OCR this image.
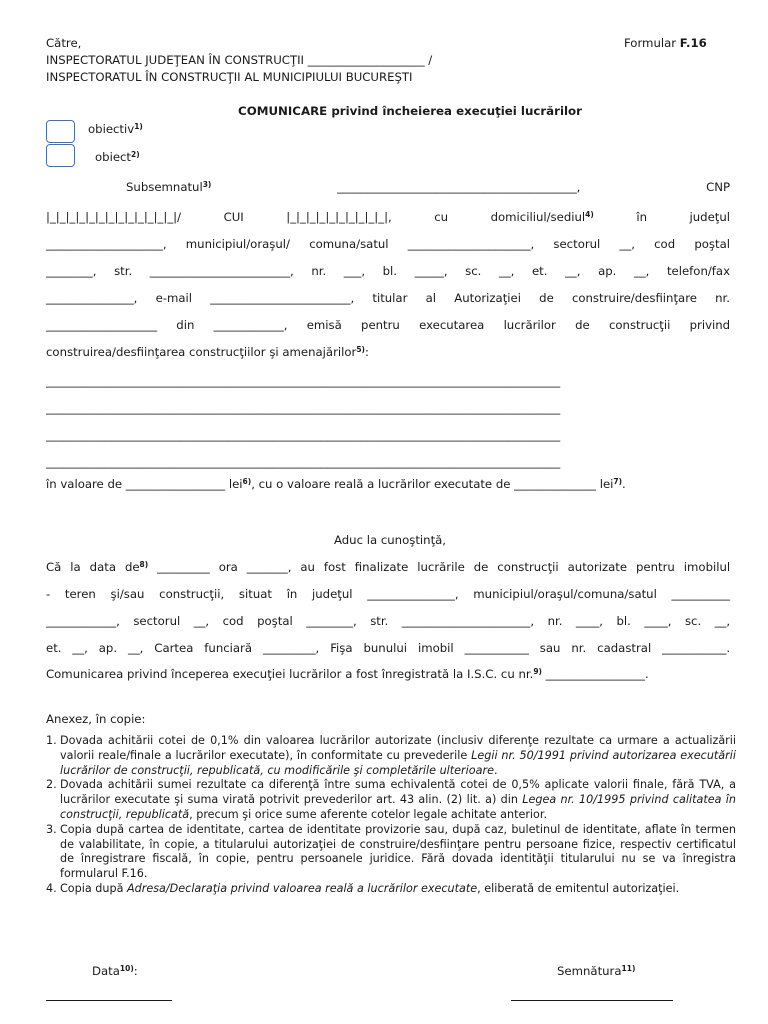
Către,	Formular F.16
INSPECTORATUL JUDEŢEAN ÎN CONSTRUCŢII ____________________ /
INSPECTORATUL ÎN CONSTRUCŢII AL MUNICIPIULUI BUCUREŞTI
COMUNICARE privind încheierea execuţiei lucrărilor
obiectiv$^{1)}$
obiect$^{2)}$
Subsemnatul$^{3)}$	_________________________________________,	CNP
|_|_|_|_|_|_|_|_|_|_|_|_|_|/	CUI	|_|_|_|_|_|_|_|_|_|_|,	cu	domiciliul/sediul$^{4)}$	în	judeţul
____________________, municipiul/oraşul/ comuna/satul _____________________, sectorul __, cod poştal
________, str. ________________________, nr. ___, bl. _____, sc. __, et. __, ap. __, telefon/fax
_______________, e-mail ________________________, titular al Autorizaţiei de construire/desfiinţare nr.
___________________ din ____________, emisă pentru executarea lucrărilor de construcţii privind
construirea/desfiinţarea construcţiilor şi amenajărilor$^{5)}$:
________________________________________________________________________________________
________________________________________________________________________________________
________________________________________________________________________________________
________________________________________________________________________________________
în valoare de _________________ lei$^{6)}$, cu o valoare reală a lucrărilor executate de ______________ lei$^{7)}$.
Aduc la cunoştinţă,
Că la data $de^{8)}$ _________ ora _______, au fost finalizate lucrările de construcţii autorizate pentru imobilul
- teren şi/sau construcţii, situat în judeţul _______________, municipiul/oraşul/comuna/satul __________
____________, sectorul __, cod poştal ________, str. ______________________, nr. ____, bl. ____, sc. __,
et. __, ap. __, Cartea funciară _________, Fişa bunului imobil ___________ sau nr. cadastral ___________.
Comunicarea privind începerea execuţiei lucrărilor a fost înregistrată la I.S.C. cu nr.$^{9)}$ _________________.
Anexez, în copie:
1. Dovada achitării cotei de 0,1% din valoarea lucrărilor autorizate (inclusiv diferenţe rezultate ca urmare a actualizării valorii reale/finale a lucrărilor executate), în conformitate cu prevederile Legii nr. 50/1991 privind autorizarea executării lucrărilor de construcţii, republicată, cu modificările şi completările ulterioare.
2. Dovada achitării sumei rezultate ca diferenţă între suma echivalentă cotei de 0,5% aplicate valorii finale, fără TVA, a lucrărilor executate şi suma virată potrivit prevederilor art. 43 alin. (2) lit. a) din Legea nr. 10/1995 privind calitatea în construcţii, republicată, precum şi orice sume aferente cotelor legale achitate anterior.
3. Copia după cartea de identitate, cartea de identitate provizorie sau, după caz, buletinul de identitate, aflate în termen de valabilitate, în copie, a titularului autorizaţiei de construire/desfiinţare pentru persoane fizice, respectiv certificatul de înregistrare fiscală, în copie, pentru persoanele juridice. Fără dovada identităţii titularului nu se va înregistra formularul F.16.
4. Copia după Adresa/Declaraţia privind valoarea reală a lucrărilor executate, eliberată de emitentul autorizaţiei.
Data$^{10)}$:	Semnătura$^{11)}$
